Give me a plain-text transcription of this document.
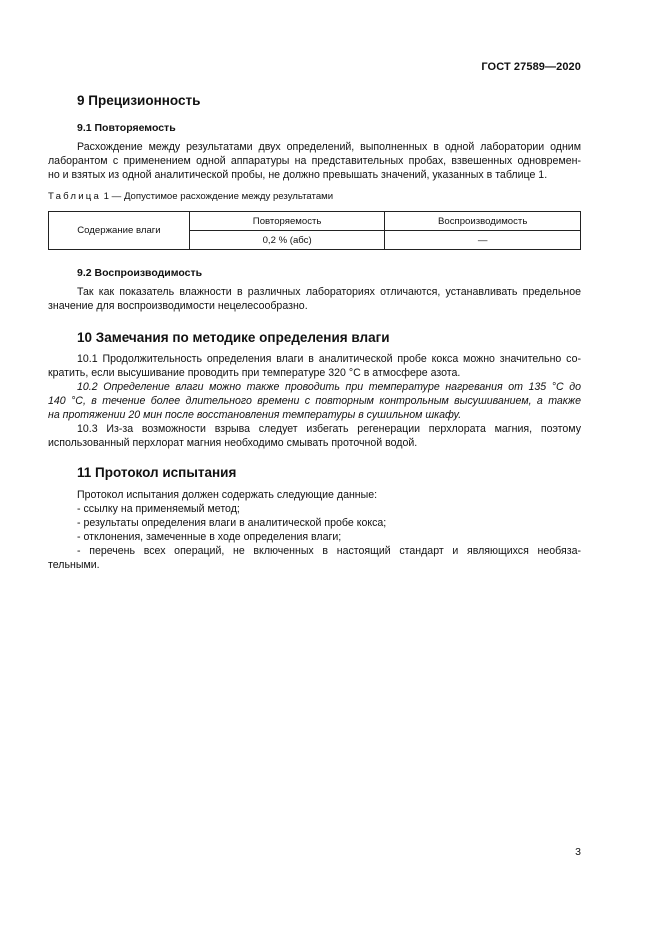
ГОСТ 27589—2020
9 Прецизионность
9.1 Повторяемость
Расхождение между результатами двух определений, выполненных в одной лаборатории одним
лаборантом с применением одной аппаратуры на представительных пробах, взвешенных одновремен-
но и взятых из одной аналитической пробы, не должно превышать значений, указанных в таблице 1.
Таблица 1 — Допустимое расхождение между результатами
Содержание влаги	Повторяемость	Воспроизводимость
	0,2 % (абс)	—
9.2 Воспроизводимость
Так как показатель влажности в различных лабораториях отличаются, устанавливать предельное
значение для воспроизводимости нецелесообразно.
10 Замечания по методике определения влаги
10.1 Продолжительность определения влаги в аналитической пробе кокса можно значительно со-
кратить, если высушивание проводить при температуре 320 °С в атмосфере азота.
10.2 Определение влаги можно также проводить при температуре нагревания от 135 °С до
140 °С, в течение более длительного времени с повторным контрольным высушиванием, а также
на протяжении 20 мин после восстановления температуры в сушильном шкафу.
10.3 Из-за возможности взрыва следует избегать регенерации перхлората магния, поэтому
использованный перхлорат магния необходимо смывать проточной водой.
11 Протокол испытания
Протокол испытания должен содержать следующие данные:
- ссылку на применяемый метод;
- результаты определения влаги в аналитической пробе кокса;
- отклонения, замеченные в ходе определения влаги;
- перечень всех операций, не включенных в настоящий стандарт и являющихся необяза-
тельными.
3
